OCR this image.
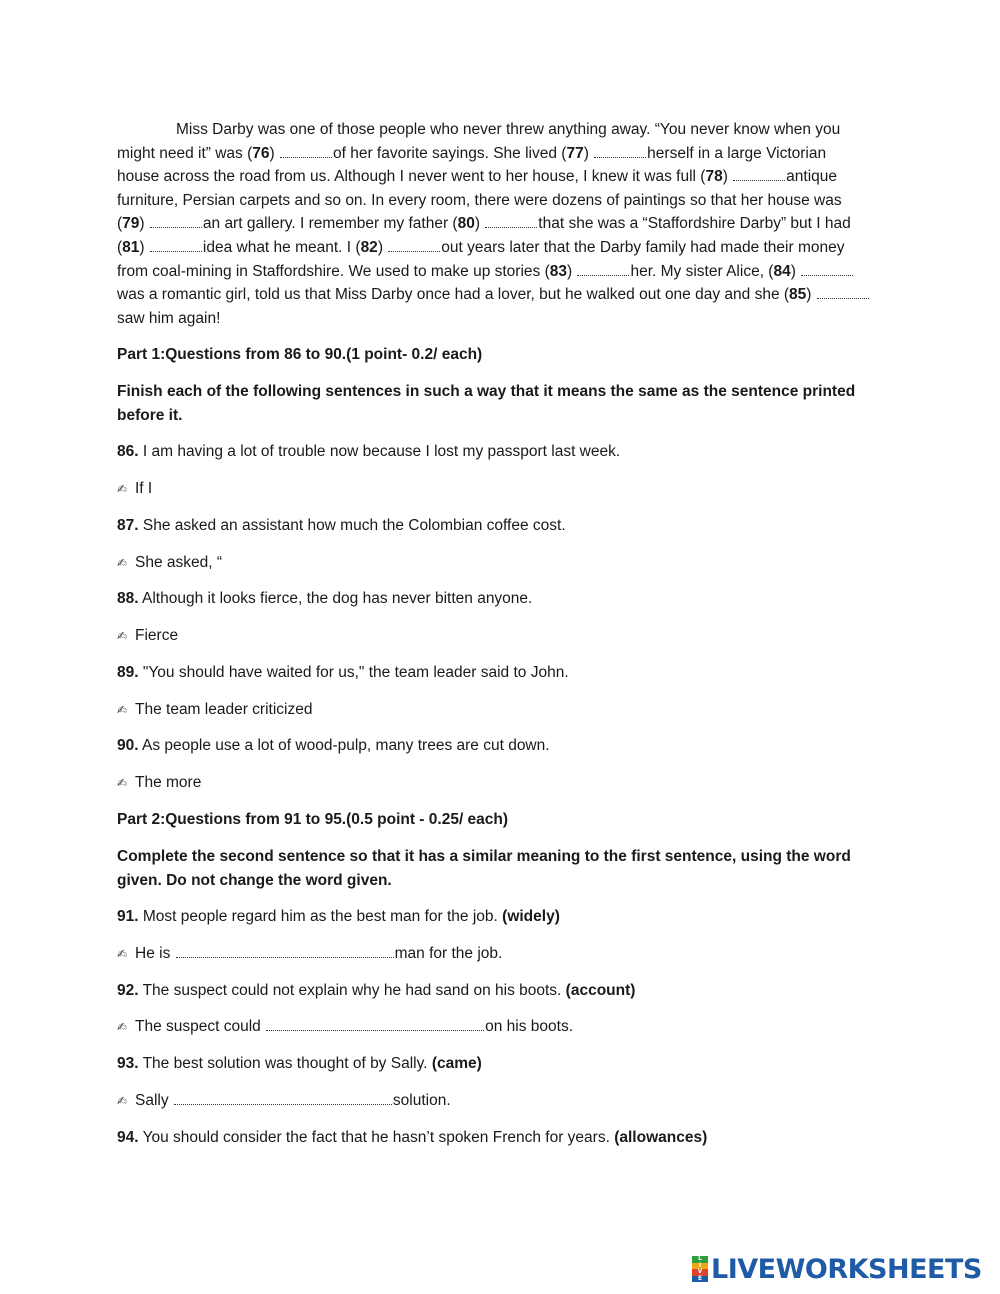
Miss Darby was one of those people who never threw anything away. “You never know when you might need it” was (76)	of her favorite sayings. She lived (77)	herself in a large Victorian house across the road from us. Although I never went to her house, I knew it was full (78)	antique furniture, Persian carpets and so on. In every room, there were dozens of paintings so that her house was (79)	an art gallery. I remember my father (80)	that she was a “Staffordshire Darby” but I had (81)	idea what he meant. I (82)	out years later that the Darby family had made their money from coal-mining in Staffordshire. We used to make up stories (83)	her. My sister Alice, (84) was a romantic girl, told us that Miss Darby once had a lover, but he walked out one day and she (85) saw him again!

Part 1:Questions from 86 to 90.(1 point- 0.2/ each)

Finish each of the following sentences in such a way that it means the same as the sentence printed before it.

86. I am having a lot of trouble now because I lost my passport last week.

✍ If I

87. She asked an assistant how much the Colombian coffee cost.

✍ She asked, “

88. Although it looks fierce, the dog has never bitten anyone.

✍ Fierce

89. "You should have waited for us," the team leader said to John.

✍ The team leader criticized

90. As people use a lot of wood-pulp, many trees are cut down.

✍ The more

Part 2:Questions from 91 to 95.(0.5 point - 0.25/ each)

Complete the second sentence so that it has a similar meaning to the first sentence, using the word given. Do not change the word given.

91. Most people regard him as the best man for the job. (widely)

✍ He is	man for the job.

92. The suspect could not explain why he had sand on his boots. (account)

✍ The suspect could	on his boots.

93. The best solution was thought of by Sally. (came)

✍ Sally	solution.

94. You should consider the fact that he hasn’t spoken French for years. (allowances)

L
I
V
E LIVEWORKSHEETS
